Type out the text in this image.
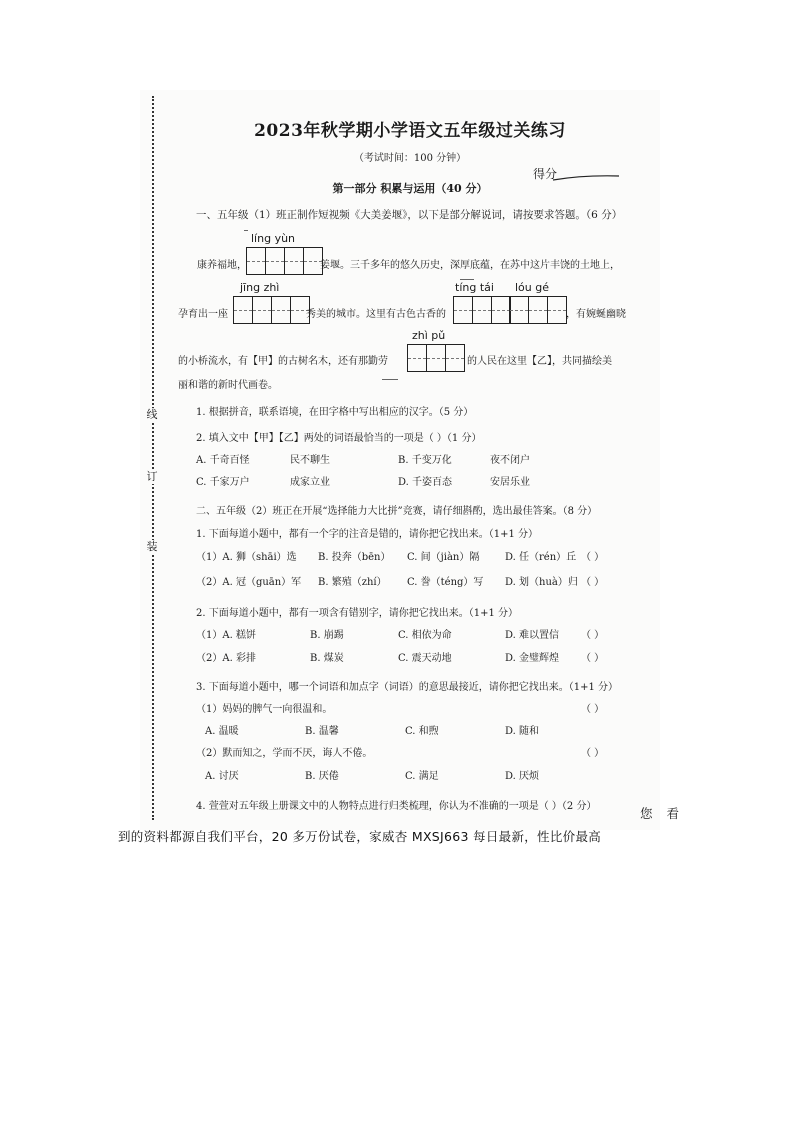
线
订
装
2023年秋学期小学语文五年级过关练习
（考试时间：100 分钟）
得分
第一部分 积累与运用（40 分）
一、五年级（1）班正制作短视频《大美姜堰》，以下是部分解说词，请按要求答题。（6 分）
líng yùn
康养福地，	姜堰。三千多年的悠久历史，深厚底蕴，在苏中这片丰饶的土地上，
jīng zhì	tíng tái lóu gé
孕育出一座	秀美的城市。这里有古色古香的	，有婉蜒幽晓
zhì pǔ
的小桥流水，有【甲】的古树名木，还有那勤劳	的人民在这里【乙】，共同描绘美
丽和谐的新时代画卷。
1. 根据拼音，联系语境，在田字格中写出相应的汉字。（5 分）
2. 填入文中【甲】【乙】两处的词语最恰当的一项是（ ）（1 分）
A. 千奇百怪	民不聊生	B. 千变万化	夜不闭户
C. 千家万户	成家立业	D. 千姿百态	安居乐业
二、五年级（2）班正在开展“选择能力大比拼”竞赛，请仔细斟酌，选出最佳答案。（8 分）
1. 下面每道小题中，都有一个字的注音是错的，请你把它找出来。（1+1 分）
（1）A. 狮（shāi）选 B. 投奔（bēn） C. 间（jiàn）隔	D. 任（rén）丘 （ ）
（2）A. 冠（guān）军 B. 繁殖（zhí） C. 誊（téng）写 D. 划（huà）归 （ ）
2. 下面每道小题中，都有一项含有错别字，请你把它找出来。（1+1 分）
（1）A. 糕饼	B. 崩踢	C. 相依为命	D. 难以置信 （ ）
（2）A. 彩排	B. 煤炭	C. 震天动地	D. 金璧辉煌 （ ）
3. 下面每道小题中，哪一个词语和加点字（词语）的意思最接近，请你把它找出来。（1+1 分）
（1）妈妈的脾气一向很温和。	（ ）
A. 温暖	B. 温馨	C. 和煦	D. 随和
（2）默而知之，学而不厌，诲人不倦。	（ ）
A. 讨厌	B. 厌倦	C. 满足	D. 厌烦
4. 萱萱对五年级上册课文中的人物特点进行归类梳理，你认为不准确的一项是（ ）（2 分）	您 看
到的资料都源自我们平台，20 多万份试卷，家威杏 MXSJ663 每日最新，性比价最高
